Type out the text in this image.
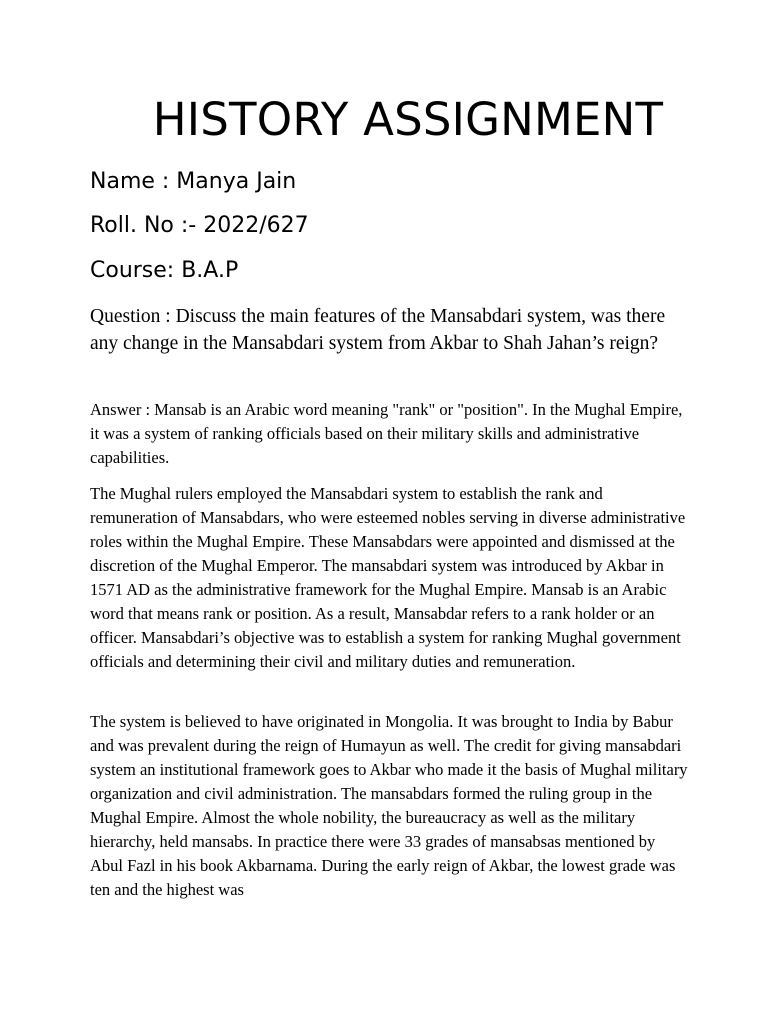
HISTORY ASSIGNMENT

Name : Manya Jain

Roll. No :- 2022/627

Course: B.A.P

Question : Discuss the main features of the Mansabdari system, was there any change in the Mansabdari system from Akbar to Shah Jahan’s reign?

Answer : Mansab is an Arabic word meaning "rank" or "position". In the Mughal Empire, it was a system of ranking officials based on their military skills and administrative capabilities.

The Mughal rulers employed the Mansabdari system to establish the rank and remuneration of Mansabdars, who were esteemed nobles serving in diverse administrative roles within the Mughal Empire. These Mansabdars were appointed and dismissed at the discretion of the Mughal Emperor. The mansabdari system was introduced by Akbar in 1571 AD as the administrative framework for the Mughal Empire. Mansab is an Arabic word that means rank or position. As a result, Mansabdar refers to a rank holder or an officer. Mansabdari’s objective was to establish a system for ranking Mughal government officials and determining their civil and military duties and remuneration.

The system is believed to have originated in Mongolia. It was brought to India by Babur and was prevalent during the reign of Humayun as well. The credit for giving mansabdari system an institutional framework goes to Akbar who made it the basis of Mughal military organization and civil administration. The mansabdars formed the ruling group in the Mughal Empire. Almost the whole nobility, the bureaucracy as well as the military hierarchy, held mansabs. In practice there were 33 grades of mansabsas mentioned by Abul Fazl in his book Akbarnama. During the early reign of Akbar, the lowest grade was ten and the highest was
